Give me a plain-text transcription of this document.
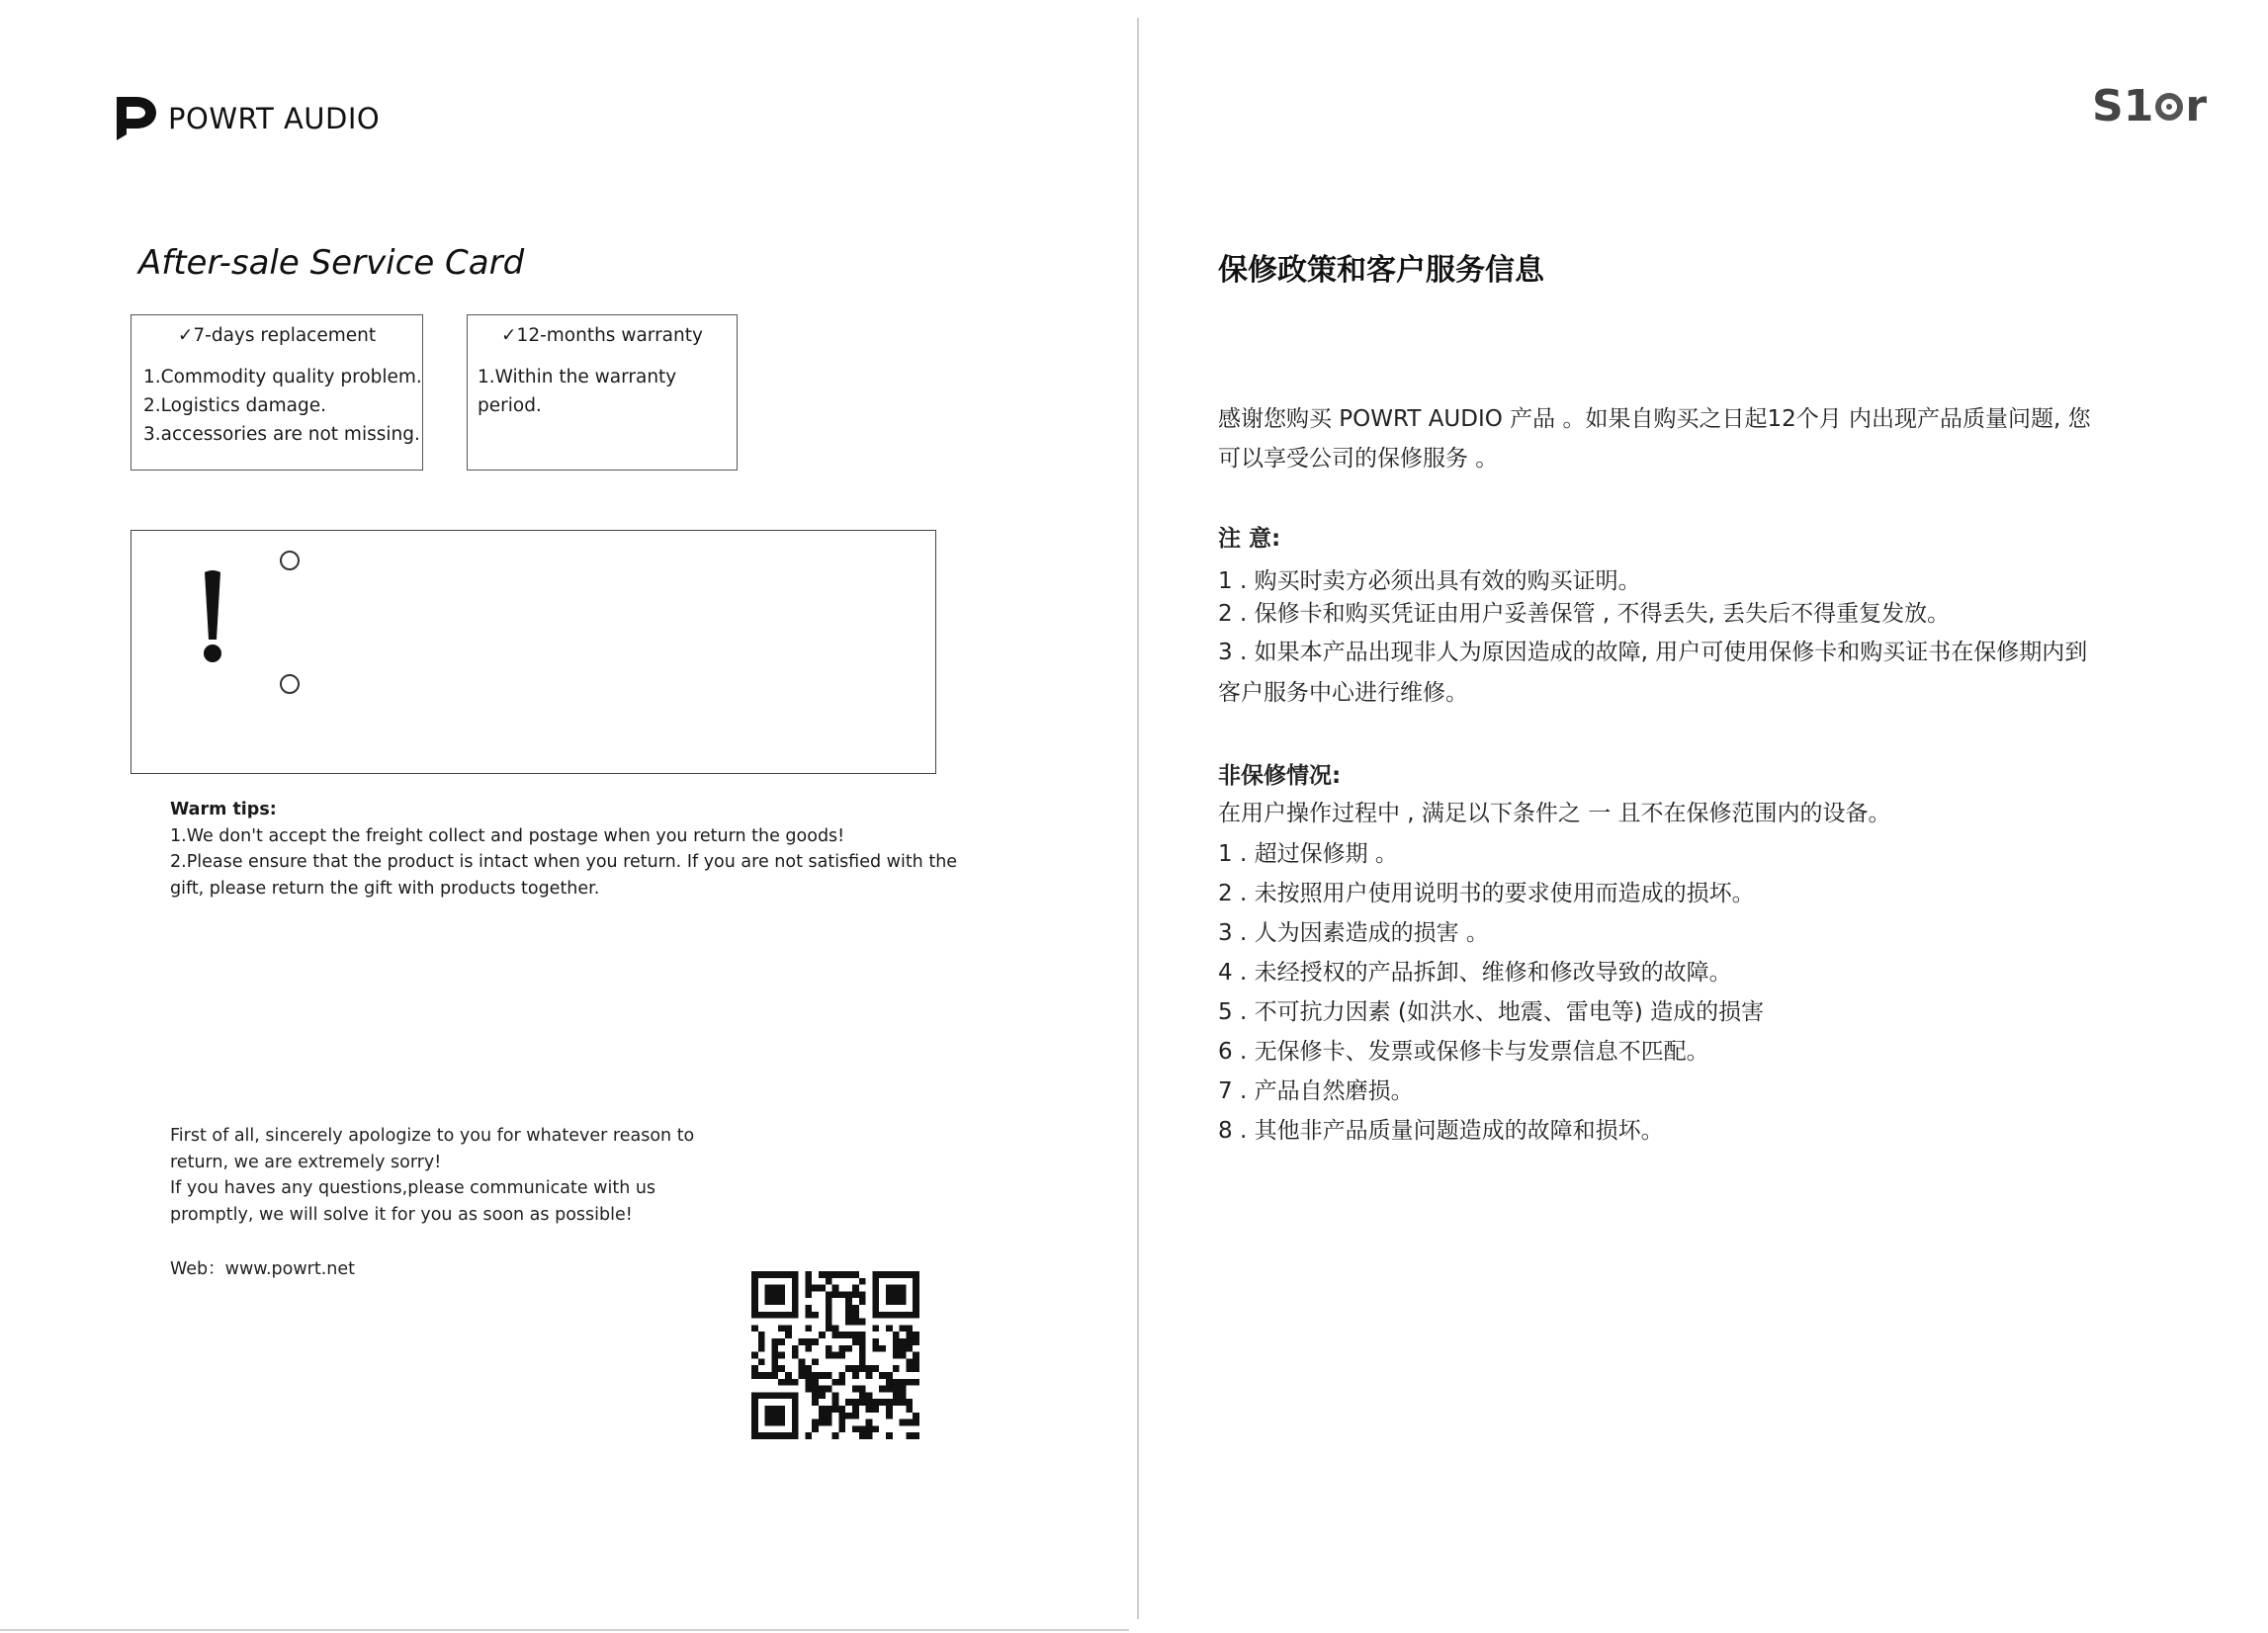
POWRT AUDIO	S1 r
After-sale Service Card
✓7-days replacement
1.Commodity quality problem.
2.Logistics damage.
3.accessories are not missing.
✓12-months warranty
1.Within the warranty period.
Warm tips:
1.We don't accept the freight collect and postage when you return the goods!
2.Please ensure that the product is intact when you return. If you are not satisfied with the gift, please return the gift with products together.
First of all, sincerely apologize to you for whatever reason to
return, we are extremely sorry!
If you haves any questions,please communicate with us
promptly, we will solve it for you as soon as possible!
Web：www.powrt.net
保修政策和客户服务信息
感谢您购买 POWRT AUDIO 产品 。如果自购买之日起12个月 内出现产品质量问题, 您
可以享受公司的保修服务 。
注 意:
1 . 购买时卖方必须出具有效的购买证明。
2 . 保修卡和购买凭证由用户妥善保管 , 不得丢失, 丢失后不得重复发放。
3 . 如果本产品出现非人为原因造成的故障, 用户可使用保修卡和购买证书在保修期内到
客户服务中心进行维修。
非保修情况:
在用户操作过程中 , 满足以下条件之 一 且不在保修范围内的设备。
1 . 超过保修期 。
2 . 未按照用户使用说明书的要求使用而造成的损坏。
3 . 人为因素造成的损害 。
4 . 未经授权的产品拆卸、维修和修改导致的故障。
5 . 不可抗力因素 (如洪水、地震、雷电等) 造成的损害
6 . 无保修卡、发票或保修卡与发票信息不匹配。
7 . 产品自然磨损。
8 . 其他非产品质量问题造成的故障和损坏。
